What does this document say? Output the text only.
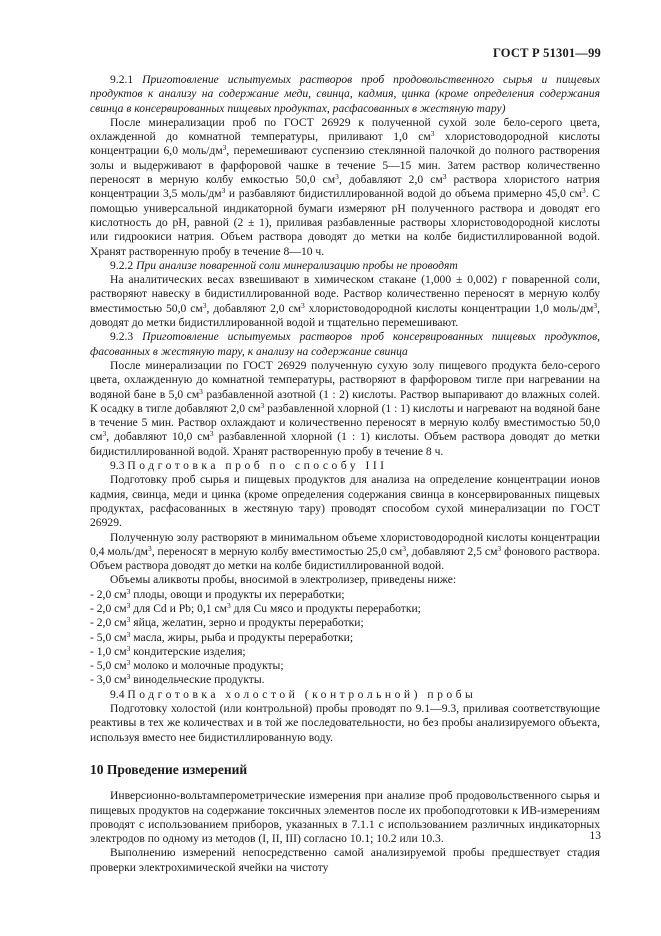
ГОСТ Р 51301—99

9.2.1 Приготовление испытуемых растворов проб продовольственного сырья и пищевых продуктов к анализу на содержание меди, свинца, кадмия, цинка (кроме определения содержания свинца в консервированных пищевых продуктах, расфасованных в жестяную тару)

После минерализации проб по ГОСТ 26929 к полученной сухой золе бело-серого цвета, охлажденной до комнатной температуры, приливают 1,0 $см^3$ хлористоводородной кислоты концентрации 6,0 моль/$дм^3$, перемешивают суспензию стеклянной палочкой до полного растворения золы и выдерживают в фарфоровой чашке в течение 5—15 мин. Затем раствор количественно переносят в мерную колбу емкостью 50,0 $см^3$, добавляют 2,0 $см^3$ раствора хлористого натрия концентрации 3,5 моль/$дм^3$ и разбавляют бидистиллированной водой до объема примерно 45,0 $см^3$. С помощью универсальной индикаторной бумаги измеряют pH полученного раствора и доводят его кислотность до pH, равной (2 ± 1), приливая разбавленные растворы хлористоводородной кислоты или гидроокиси натрия. Объем раствора доводят до метки на колбе бидистиллированной водой. Хранят растворенную пробу в течение 8—10 ч.

9.2.2 При анализе поваренной соли минерализацию пробы не проводят

На аналитических весах взвешивают в химическом стакане (1,000 ± 0,002) г поваренной соли, растворяют навеску в бидистиллированной воде. Раствор количественно переносят в мерную колбу вместимостью 50,0 $см^3$, добавляют 2,0 $см^3$ хлористоводородной кислоты концентрации 1,0 моль/$дм^3$, доводят до метки бидистиллированной водой и тщательно перемешивают.

9.2.3 Приготовление испытуемых растворов проб консервированных пищевых продуктов, фасованных в жестяную тару, к анализу на содержание свинца

После минерализации по ГОСТ 26929 полученную сухую золу пищевого продукта бело-серого цвета, охлажденную до комнатной температуры, растворяют в фарфоровом тигле при нагревании на водяной бане в 5,0 $см^3$ разбавленной азотной (1 : 2) кислоты. Раствор выпаривают до влажных солей. К осадку в тигле добавляют 2,0 $см^3$ разбавленной хлорной (1 : 1) кислоты и нагревают на водяной бане в течение 5 мин. Раствор охлаждают и количественно переносят в мерную колбу вместимостью 50,0 $см^3$, добавляют 10,0 $см^3$ разбавленной хлорной (1 : 1) кислоты. Объем раствора доводят до метки бидистиллированной водой. Хранят растворенную пробу в течение 8 ч.

9.3 Подготовка проб по способу III

Подготовку проб сырья и пищевых продуктов для анализа на определение концентрации ионов кадмия, свинца, меди и цинка (кроме определения содержания свинца в консервированных пищевых продуктах, расфасованных в жестяную тару) проводят способом сухой минерализации по ГОСТ 26929.

Полученную золу растворяют в минимальном объеме хлористоводородной кислоты концентрации 0,4 моль/$дм^3$, переносят в мерную колбу вместимостью 25,0 $см^3$, добавляют 2,5 $см^3$ фонового раствора. Объем раствора доводят до метки на колбе бидистиллированной водой.

Объемы аликвоты пробы, вносимой в электролизер, приведены ниже:

- 2,0 $см^3$ плоды, овощи и продукты их переработки;

- 2,0 $см^3$ для Cd и Pb; 0,1 $см^3$ для Cu мясо и продукты переработки;

- 2,0 $см^3$ яйца, желатин, зерно и продукты переработки;

- 5,0 $см^3$ масла, жиры, рыба и продукты переработки;

- 1,0 $см^3$ кондитерские изделия;

- 5,0 $см^3$ молоко и молочные продукты;

- 3,0 $см^3$ винодельческие продукты.

9.4 Подготовка холостой (контрольной) пробы

Подготовку холостой (или контрольной) пробы проводят по 9.1—9.3, приливая соответствующие реактивы в тех же количествах и в той же последовательности, но без пробы анализируемого объекта, используя вместо нее бидистиллированную воду.

10 Проведение измерений

Инверсионно-вольтамперометрические измерения при анализе проб продовольственного сырья и пищевых продуктов на содержание токсичных элементов после их пробоподготовки к ИВ-измерениям проводят с использованием приборов, указанных в 7.1.1 с использованием различных индикаторных электродов по одному из методов (I, II, III) согласно 10.1; 10.2 или 10.3.

Выполнению измерений непосредственно самой анализируемой пробы предшествует стадия проверки электрохимической ячейки на чистоту

13
